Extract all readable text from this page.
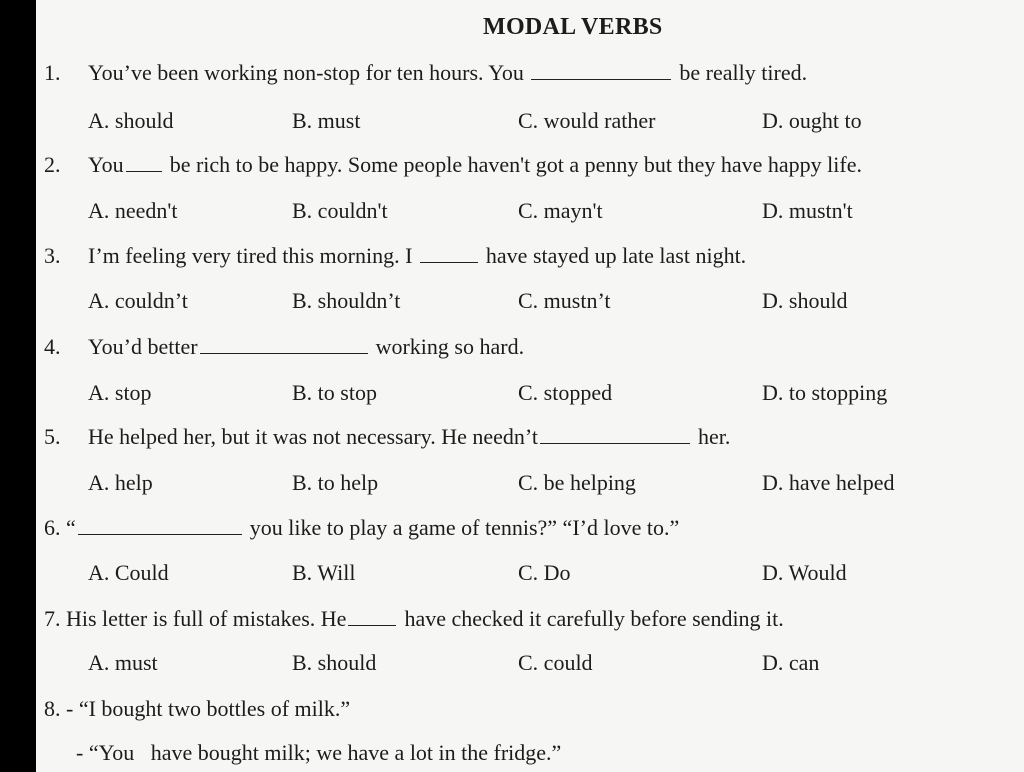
MODAL VERBS
1. You’ve been working non-stop for ten hours. You	be really tired.
A. should	B. must	C. would rather	D. ought to
2. You be rich to be happy. Some people haven't got a penny but they have happy life.
A. needn't	B. couldn't	C. mayn't	D. mustn't
3. I’m feeling very tired this morning. I	have stayed up late last night.
A. couldn’t	B. shouldn’t	C. mustn’t	D. should
4. You’d better	working so hard.
A. stop	B. to stop	C. stopped	D. to stopping
5. He helped her, but it was not necessary. He needn’t	her.
A. help	B. to help	C. be helping	D. have helped
6. “	you like to play a game of tennis?” “I’d love to.”
A. Could	B. Will	C. Do	D. Would
7. His letter is full of mistakes. He	have checked it carefully before sending it.
A. must	B. should	C. could	D. can
8. - “I bought two bottles of milk.”
- “You   have bought milk; we have a lot in the fridge.”
